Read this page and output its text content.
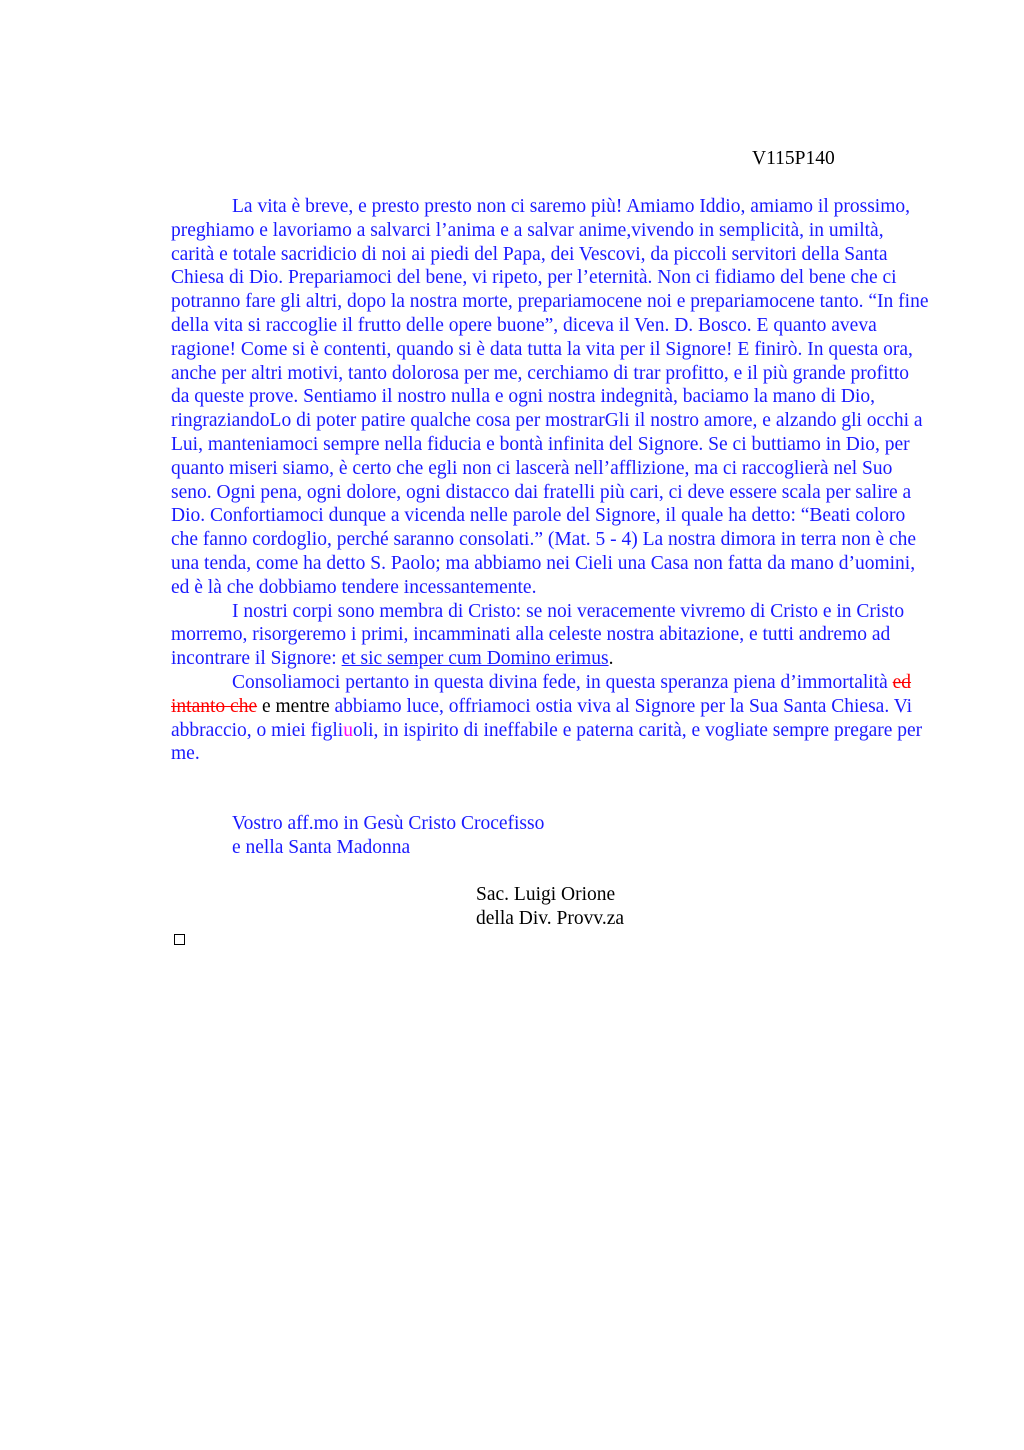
V115P140

La vita è breve, e presto presto non ci saremo più! Amiamo Iddio, amiamo il prossimo, preghiamo e lavoriamo a salvarci l’anima e a salvar anime,vivendo in semplicità, in umiltà, carità e totale sacridicio di noi ai piedi del Papa, dei Vescovi, da piccoli servitori della Santa Chiesa di Dio. Prepariamoci del bene, vi ripeto, per l’eternità. Non ci fidiamo del bene che ci potranno fare gli altri, dopo la nostra morte, prepariamocene noi e prepariamocene tanto. “In fine della vita si raccoglie il frutto delle opere buone”, diceva il Ven. D. Bosco. E quanto aveva ragione! Come si è contenti, quando si è data tutta la vita per il Signore! E finirò. In questa ora, anche per altri motivi, tanto dolorosa per me, cerchiamo di trar profitto, e il più grande profitto da queste prove. Sentiamo il nostro nulla e ogni nostra indegnità, baciamo la mano di Dio, ringraziandoLo di poter patire qualche cosa per mostrarGli il nostro amore, e alzando gli occhi a Lui, manteniamoci sempre nella fiducia e bontà infinita del Signore. Se ci buttiamo in Dio, per quanto miseri siamo, è certo che egli non ci lascerà nell’afflizione, ma ci raccoglierà nel Suo seno. Ogni pena, ogni dolore, ogni distacco dai fratelli più cari, ci deve essere scala per salire a Dio. Confortiamoci dunque a vicenda nelle parole del Signore, il quale ha detto: “Beati coloro che fanno cordoglio, perché saranno consolati.” (Mat. 5 - 4) La nostra dimora in terra non è che una tenda, come ha detto S. Paolo; ma abbiamo nei Cieli una Casa non fatta da mano d’uomini, ed è là che dobbiamo tendere incessantemente.

I nostri corpi sono membra di Cristo: se noi veracemente vivremo di Cristo e in Cristo morremo, risorgeremo i primi, incamminati alla celeste nostra abitazione, e tutti andremo ad incontrare il Signore: et sic semper cum Domino erimus.

Consoliamoci pertanto in questa divina fede, in questa speranza piena d’immortalità ed intanto che e mentre abbiamo luce, offriamoci ostia viva al Signore per la Sua Santa Chiesa. Vi abbraccio, o miei figliuoli, in ispirito di ineffabile e paterna carità, e vogliate sempre pregare per me.

Vostro aff.mo in Gesù Cristo Crocefisso
e nella Santa Madonna
Sac. Luigi Orione
della Div. Provv.za
